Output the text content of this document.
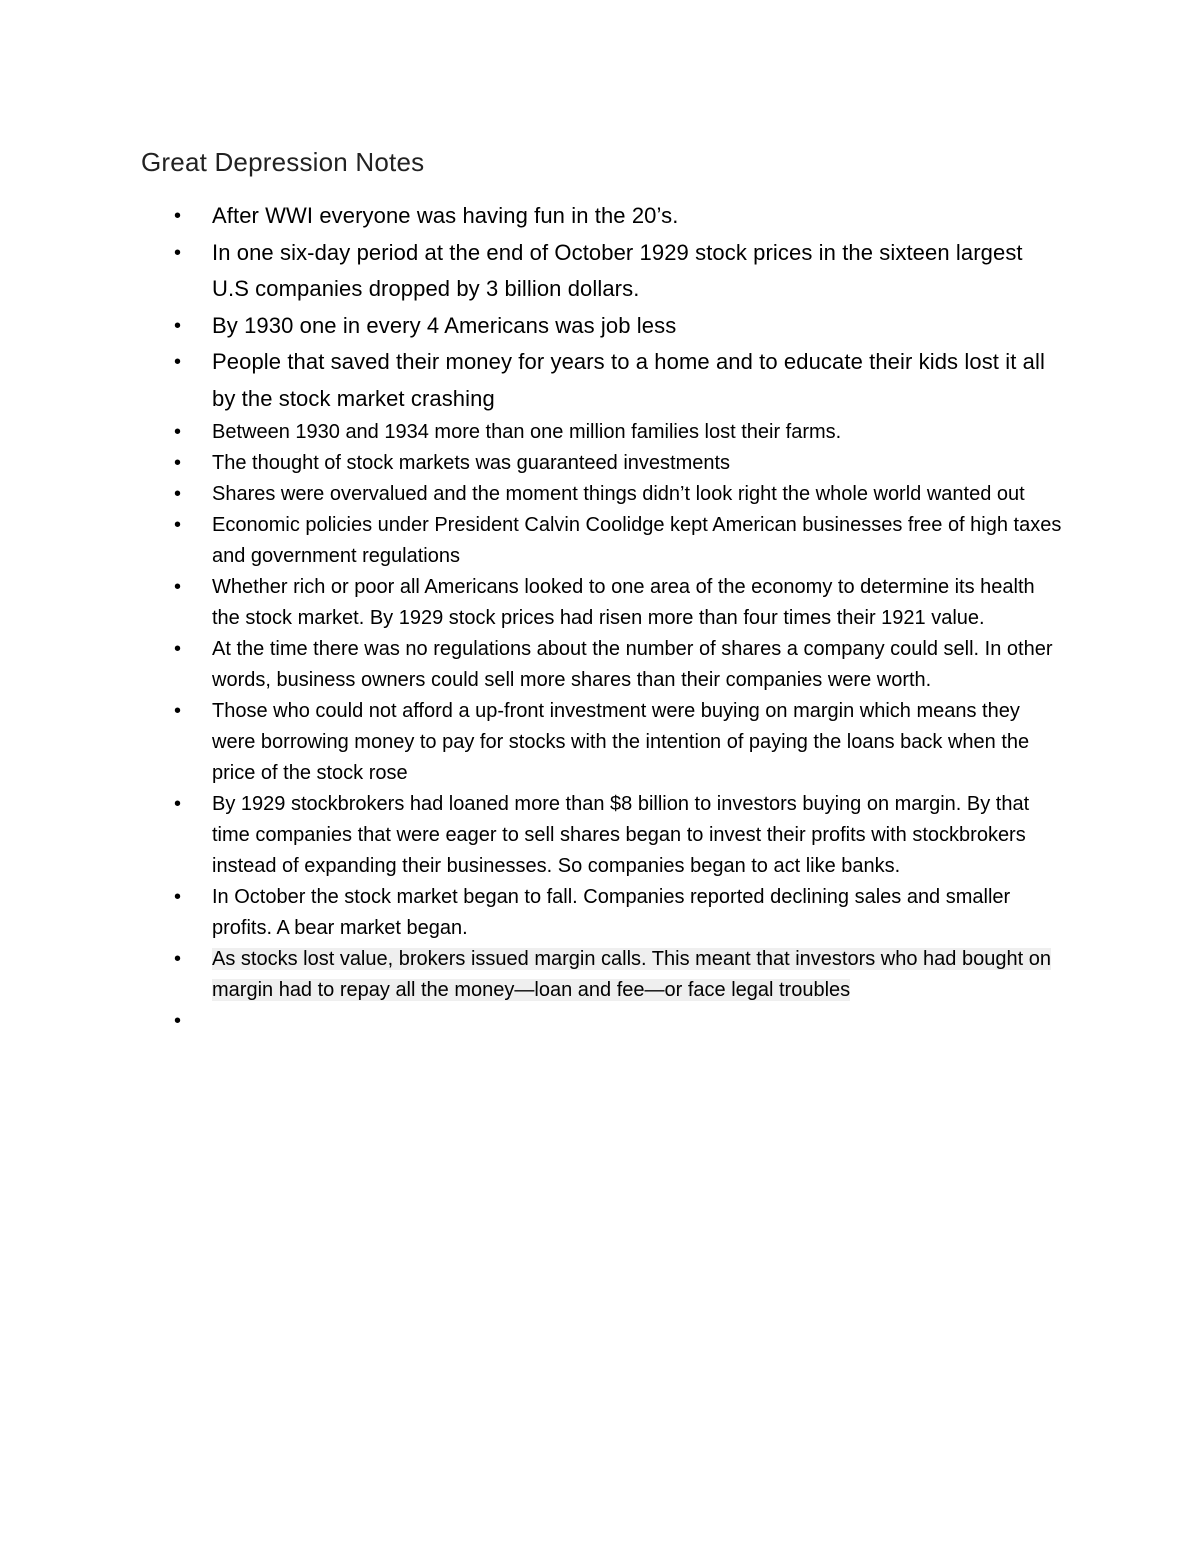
Great Depression Notes
• After WWI everyone was having fun in the 20’s.
• In one six-day period at the end of October 1929 stock prices in the sixteen largest U.S companies dropped by 3 billion dollars.
• By 1930 one in every 4 Americans was job less
• People that saved their money for years to a home and to educate their kids lost it all by the stock market crashing
• Between 1930 and 1934 more than one million families lost their farms.
• The thought of stock markets was guaranteed investments
• Shares were overvalued and the moment things didn’t look right the whole world wanted out
• Economic policies under President Calvin Coolidge kept American businesses free of high taxes and government regulations
• Whether rich or poor all Americans looked to one area of the economy to determine its health the stock market. By 1929 stock prices had risen more than four times their 1921 value.
• At the time there was no regulations about the number of shares a company could sell. In other words, business owners could sell more shares than their companies were worth.
• Those who could not afford a up-front investment were buying on margin which means they were borrowing money to pay for stocks with the intention of paying the loans back when the price of the stock rose
• By 1929 stockbrokers had loaned more than $8 billion to investors buying on margin. By that time companies that were eager to sell shares began to invest their profits with stockbrokers instead of expanding their businesses. So companies began to act like banks.
• In October the stock market began to fall. Companies reported declining sales and smaller profits. A bear market began.
• As stocks lost value, brokers issued margin calls. This meant that investors who had bought on margin had to repay all the money—loan and fee—or face legal troubles
•
